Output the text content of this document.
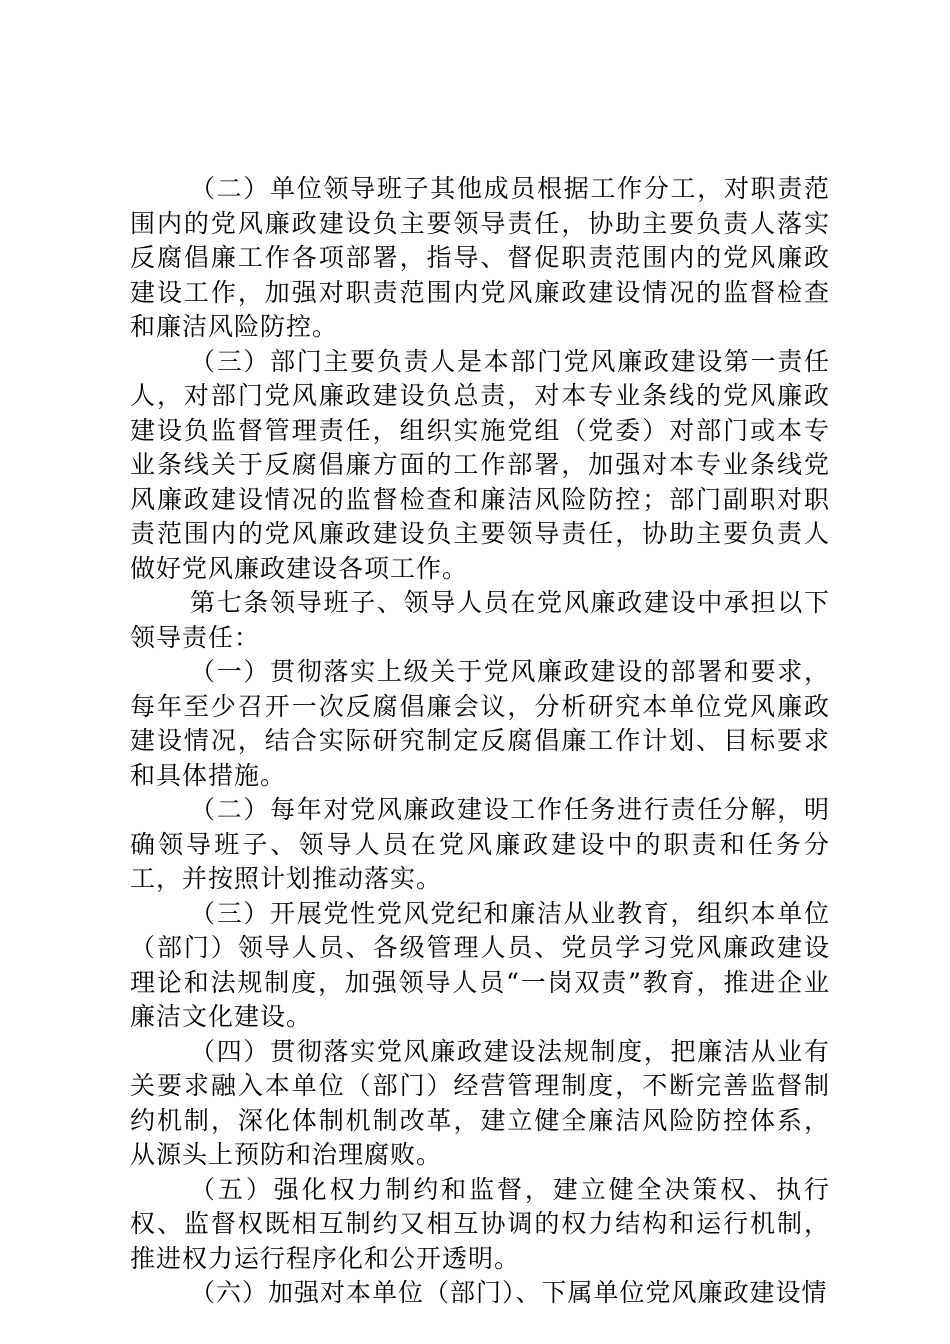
（二）单位领导班子其他成员根据工作分工，对职责范围内的党风廉政建设负主要领导责任，协助主要负责人落实反腐倡廉工作各项部署，指导、督促职责范围内的党风廉政建设工作，加强对职责范围内党风廉政建设情况的监督检查和廉洁风险防控。

（三）部门主要负责人是本部门党风廉政建设第一责任人，对部门党风廉政建设负总责，对本专业条线的党风廉政建设负监督管理责任，组织实施党组（党委）对部门或本专业条线关于反腐倡廉方面的工作部署，加强对本专业条线党风廉政建设情况的监督检查和廉洁风险防控；部门副职对职责范围内的党风廉政建设负主要领导责任，协助主要负责人做好党风廉政建设各项工作。

第七条领导班子、领导人员在党风廉政建设中承担以下领导责任：

（一）贯彻落实上级关于党风廉政建设的部署和要求，每年至少召开一次反腐倡廉会议，分析研究本单位党风廉政建设情况，结合实际研究制定反腐倡廉工作计划、目标要求和具体措施。

（二）每年对党风廉政建设工作任务进行责任分解，明确领导班子、领导人员在党风廉政建设中的职责和任务分工，并按照计划推动落实。

（三）开展党性党风党纪和廉洁从业教育，组织本单位（部门）领导人员、各级管理人员、党员学习党风廉政建设理论和法规制度，加强领导人员“一岗双责”教育，推进企业廉洁文化建设。

（四）贯彻落实党风廉政建设法规制度，把廉洁从业有关要求融入本单位（部门）经营管理制度，不断完善监督制约机制，深化体制机制改革，建立健全廉洁风险防控体系，从源头上预防和治理腐败。

（五）强化权力制约和监督，建立健全决策权、执行权、监督权既相互制约又相互协调的权力结构和运行机制，推进权力运行程序化和公开透明。

（六）加强对本单位（部门）、下属单位党风廉政建设情
